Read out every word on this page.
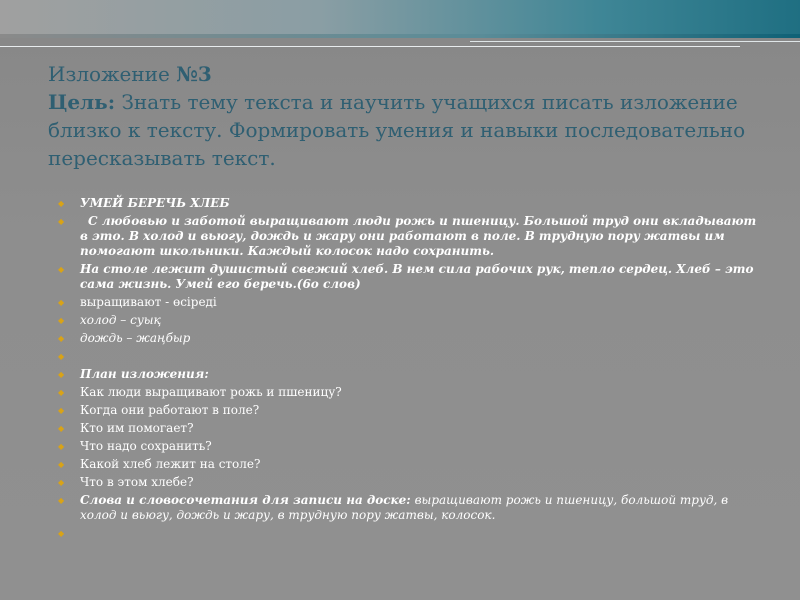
Изложение №3
Цель: Знать тему текста и научить учащихся писать изложение близко к тексту. Формировать умения и навыки последовательно пересказывать текст.
◆ УМЕЙ БЕРЕЧЬ ХЛЕБ
◆ С любовью и заботой выращивают люди рожь и пшеницу. Большой труд они вкладывают в это. В холод и вьюгу, дождь и жару они работают в поле. В трудную пору жатвы им помогают школьники. Каждый колосок надо сохранить.
◆ На столе лежит душистый свежий хлеб. В нем сила рабочих рук, тепло сердец. Хлеб – это сама жизнь. Умей его беречь.(6о слов)
◆ выращивают - өсіреді
◆ холод – суық
◆ дождь – жаңбыр
◆
◆ План изложения:
◆ Как люди выращивают рожь и пшеницу?
◆ Когда они работают в поле?
◆ Кто им помогает?
◆ Что надо сохранить?
◆ Какой хлеб лежит на столе?
◆ Что в этом хлебе?
◆ Слова и словосочетания для записи на доске: выращивают рожь и пшеницу, большой труд, в холод и вьюгу, дождь и жару, в трудную пору жатвы, колосок.
◆
